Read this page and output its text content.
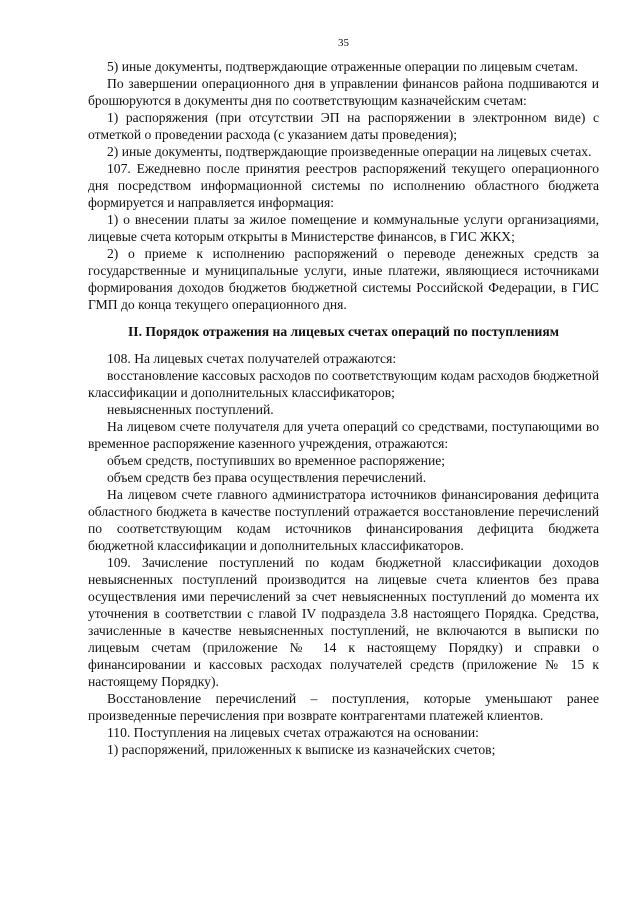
35

5) иные документы, подтверждающие отраженные операции по лицевым счетам.

По завершении операционного дня в управлении финансов района подшиваются и брошюруются в документы дня по соответствующим казначейским счетам:

1) распоряжения (при отсутствии ЭП на распоряжении в электронном виде) с отметкой о проведении расхода (с указанием даты проведения);

2) иные документы, подтверждающие произведенные операции на лицевых счетах.

107. Ежедневно после принятия реестров распоряжений текущего операционного дня посредством информационной системы по исполнению областного бюджета формируется и направляется информация:

1) о внесении платы за жилое помещение и коммунальные услуги организациями, лицевые счета которым открыты в Министерстве финансов, в ГИС ЖКХ;

2) о приеме к исполнению распоряжений о переводе денежных средств за государственные и муниципальные услуги, иные платежи, являющиеся источниками формирования доходов бюджетов бюджетной системы Российской Федерации, в ГИС ГМП до конца текущего операционного дня.

II. Порядок отражения на лицевых счетах операций по поступлениям

108. На лицевых счетах получателей отражаются:

восстановление кассовых расходов по соответствующим кодам расходов бюджетной классификации и дополнительных классификаторов;

невыясненных поступлений.

На лицевом счете получателя для учета операций со средствами, поступающими во временное распоряжение казенного учреждения, отражаются:

объем средств, поступивших во временное распоряжение;

объем средств без права осуществления перечислений.

На лицевом счете главного администратора источников финансирования дефицита областного бюджета в качестве поступлений отражается восстановление перечислений по соответствующим кодам источников финансирования дефицита бюджета бюджетной классификации и дополнительных классификаторов.

109. Зачисление поступлений по кодам бюджетной классификации доходов невыясненных поступлений производится на лицевые счета клиентов без права осуществления ими перечислений за счет невыясненных поступлений до момента их уточнения в соответствии с главой IV подраздела 3.8 настоящего Порядка. Средства, зачисленные в качестве невыясненных поступлений, не включаются в выписки по лицевым счетам (приложение № 14 к настоящему Порядку) и справки о финансировании и кассовых расходах получателей средств (приложение № 15 к настоящему Порядку).

Восстановление перечислений – поступления, которые уменьшают ранее произведенные перечисления при возврате контрагентами платежей клиентов.

110. Поступления на лицевых счетах отражаются на основании:

1) распоряжений, приложенных к выписке из казначейских счетов;
